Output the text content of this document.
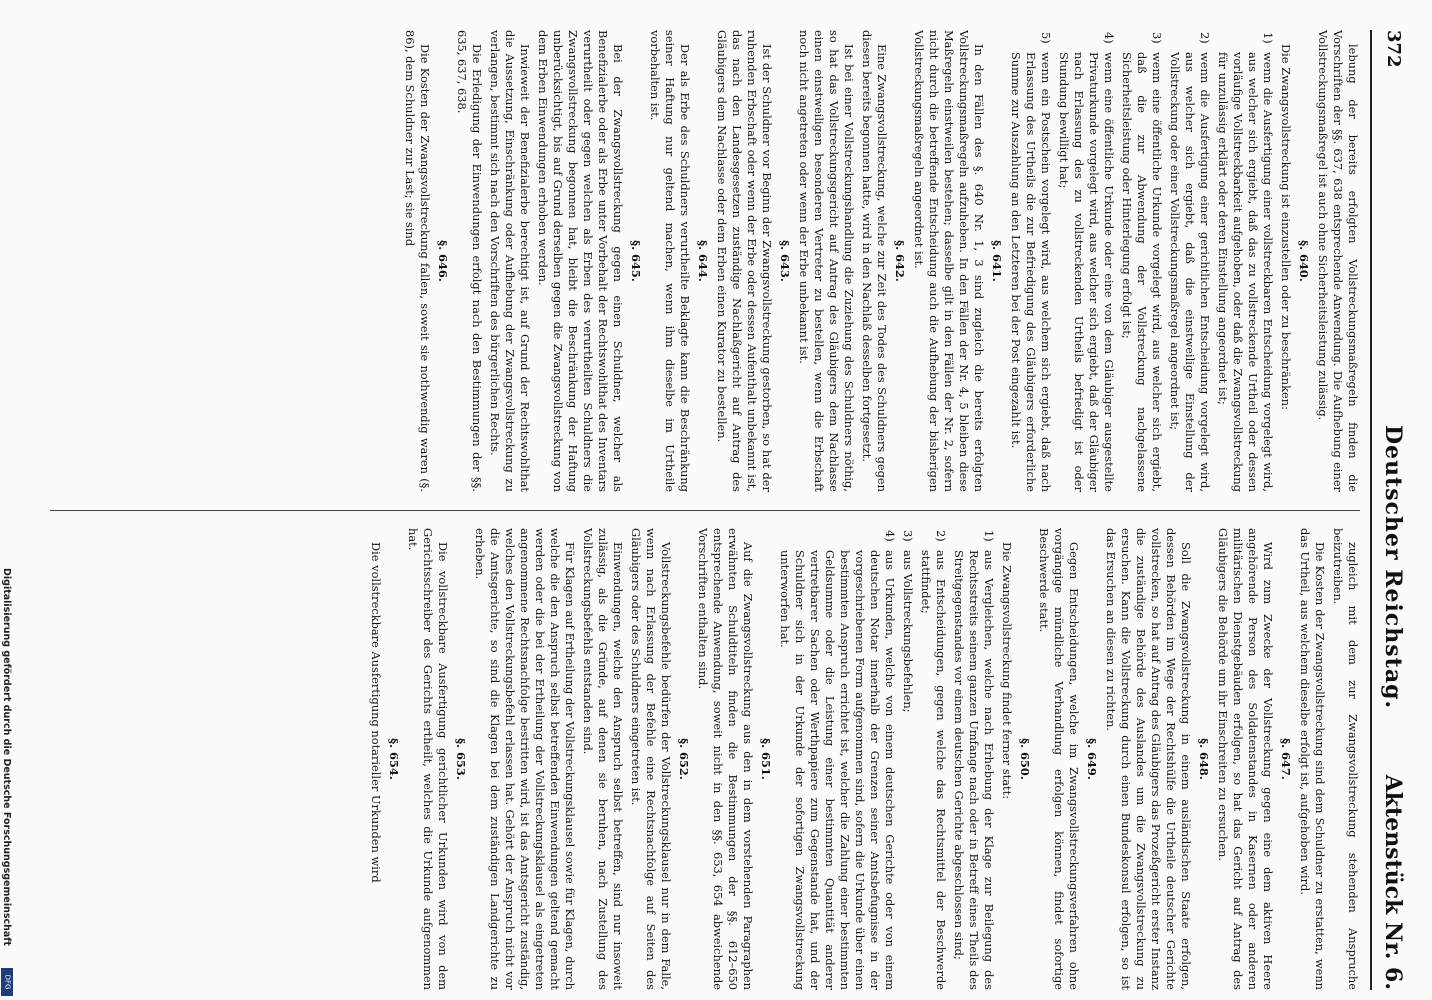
Digitalisierung gefördert durch die Deutsche Forschungsgemeinschaft
DFG
372
Deutscher Reichstag.
Aktenstück Nr. 6.

lebung der bereits erfolgten Vollstreckungsmaßregeln finden die Vorschriften der §§. 637, 638 entsprechende Anwendung. Die Aufhebung einer Vollstreckungsmaßregel ist auch ohne Sicherheitsleistung zulässig.

§. 640.

Die Zwangsvollstreckung ist einzustellen oder zu beschränken:

1)
wenn die Ausfertigung einer vollstreckbaren Entscheidung vorgelegt wird, aus welcher sich ergiebt, daß das zu vollstreckende Urtheil oder dessen vorläufige Vollstreckbarkeit aufgehoben, oder daß die Zwangsvollstreckung für unzulässig erklärt oder deren Einstellung angeordnet ist;

2)
wenn die Ausfertigung einer gerichtlichen Entscheidung vorgelegt wird, aus welcher sich ergiebt, daß die einstweilige Einstellung der Vollstreckung oder einer Vollstreckungsmaßregel angeordnet ist;

3)
wenn eine öffentliche Urkunde vorgelegt wird, aus welcher sich ergiebt, daß die zur Abwendung der Vollstreckung nachgelassene Sicherheitsleistung oder Hinterlegung erfolgt ist;

4)
wenn eine öffentliche Urkunde oder eine von dem Gläubiger ausgestellte Privaturkunde vorgelegt wird, aus welcher sich ergiebt, daß der Gläubiger nach Erlassung des zu vollstreckenden Urtheils befriedigt ist oder Stundung bewilligt hat;

5)
wenn ein Postschein vorgelegt wird, aus welchem sich ergiebt, daß nach Erlassung des Urtheils die zur Befriedigung des Gläubigers erforderliche Summe zur Auszahlung an den Letzteren bei der Post eingezahlt ist.

§. 641.

In den Fällen des §. 640 Nr. 1, 3 sind zugleich die bereits erfolgten Vollstreckungsmaßregeln aufzuheben. In den Fällen der Nr. 4, 5 bleiben diese Maßregeln einstweilen bestehen; dasselbe gilt in den Fällen der Nr. 2, sofern nicht durch die betreffende Entscheidung auch die Aufhebung der bisherigen Vollstreckungsmaßregeln angeordnet ist.

§. 642.

Eine Zwangsvollstreckung, welche zur Zeit des Todes des Schuldners gegen diesen bereits begonnen hatte, wird in den Nachlaß desselben fortgesetzt.

Ist bei einer Vollstreckungshandlung die Zuziehung des Schuldners nöthig, so hat das Vollstreckungsgericht auf Antrag des Gläubigers dem Nachlasse einen einstweiligen besonderen Vertreter zu bestellen, wenn die Erbschaft noch nicht angetreten oder wenn der Erbe unbekannt ist.

§. 643.

Ist der Schuldner vor Beginn der Zwangsvollstreckung gestorben, so hat der ruhenden Erbschaft oder wenn der Erbe oder dessen Aufenthalt unbekannt ist, das nach den Landesgesetzen zuständige Nachlaßgericht auf Antrag des Gläubigers dem Nachlasse oder dem Erben einen Kurator zu bestellen.

§. 644.

Der als Erbe des Schuldners verurtheilte Beklagte kann die Beschränkung seiner Haftung nur geltend machen, wenn ihm dieselbe im Urtheile vorbehalten ist.

§. 645.

Bei der Zwangsvollstreckung gegen einen Schuldner, welcher als Benefizialerbe oder als Erbe unter Vorbehalt der Rechtswohlthat des Inventars verurtheilt oder gegen welchen als Erben des verurtheilten Schuldners die Zwangsvollstreckung begonnen hat, bleibt die Beschränkung der Haftung unberücksichtigt, bis auf Grund derselben gegen die Zwangsvollstreckung von dem Erben Einwendungen erhoben werden.

Inwieweit der Benefizialerbe berechtigt ist, auf Grund der Rechtswohlthat die Aussetzung, Einschränkung oder Aufhebung der Zwangsvollstreckung zu verlangen, bestimmt sich nach den Vorschriften des bürgerlichen Rechts.

Die Erledigung der Einwendungen erfolgt nach den Bestimmungen der §§. 635, 637, 638.

§. 646.

Die Kosten der Zwangsvollstreckung fallen, soweit sie nothwendig waren (§. 86), dem Schuldner zur Last; sie sind

zugleich mit dem zur Zwangsvollstreckung stehenden Anspruche beizutreiben.

Die Kosten der Zwangsvollstreckung sind dem Schuldner zu erstatten, wenn das Urtheil, aus welchem dieselbe erfolgt ist, aufgehoben wird.

§. 647.

Wird zum Zwecke der Vollstreckung gegen eine dem aktiven Heere angehörende Person des Soldatenstandes in Kasernen oder anderen militärischen Dienstgebäuden erfolgen, so hat das Gericht auf Antrag des Gläubigers die Behörde um ihr Einschreiten zu ersuchen.

§. 648.

Soll die Zwangsvollstreckung in einem ausländischen Staate erfolgen, dessen Behörden im Wege der Rechtshülfe die Urtheile deutscher Gerichte vollstrecken, so hat auf Antrag des Gläubigers das Prozeßgericht erster Instanz die zuständige Behörde des Auslandes um die Zwangsvollstreckung zu ersuchen. Kann die Vollstreckung durch einen Bundeskonsul erfolgen, so ist das Ersuchen an diesen zu richten.

§. 649.

Gegen Entscheidungen, welche im Zwangsvollstreckungsverfahren ohne vorgängige mündliche Verhandlung erfolgen können, findet sofortige Beschwerde statt.

§. 650.

Die Zwangsvollstreckung findet ferner statt:

1)
aus Vergleichen, welche nach Erhebung der Klage zur Beilegung des Rechtsstreits seinem ganzen Umfange nach oder in Betreff eines Theils des Streitgegenstandes vor einem deutschen Gerichte abgeschlossen sind;

2)
aus Entscheidungen, gegen welche das Rechtsmittel der Beschwerde stattfindet;

3)
aus Vollstreckungsbefehlen;

4)
aus Urkunden, welche von einem deutschen Gerichte oder von einem deutschen Notar innerhalb der Grenzen seiner Amtsbefugnisse in der vorgeschriebenen Form aufgenommen sind, sofern die Urkunde über einen bestimmten Anspruch errichtet ist, welcher die Zahlung einer bestimmten Geldsumme oder die Leistung einer bestimmten Quantität anderer vertretbarer Sachen oder Werthpapiere zum Gegenstande hat, und der Schuldner sich in der Urkunde der sofortigen Zwangsvollstreckung unterworfen hat.

§. 651.

Auf die Zwangsvollstreckung aus den in dem vorstehenden Paragraphen erwähnten Schuldtiteln finden die Bestimmungen der §§. 612–650 entsprechende Anwendung, soweit nicht in den §§. 653, 654 abweichende Vorschriften enthalten sind.

§. 652.

Vollstreckungsbefehle bedürfen der Vollstreckungsklausel nur in dem Falle, wenn nach Erlassung der Befehle eine Rechtsnachfolge auf Seiten des Gläubigers oder des Schuldners eingetreten ist.

Einwendungen, welche den Anspruch selbst betreffen, sind nur insoweit zulässig, als die Gründe, auf denen sie beruhen, nach Zustellung des Vollstreckungsbefehls entstanden sind.

Für Klagen auf Ertheilung der Vollstreckungsklausel sowie für Klagen, durch welche die den Anspruch selbst betreffenden Einwendungen geltend gemacht werden oder die bei der Ertheilung der Vollstreckungsklausel als eingetreten angenommene Rechtsnachfolge bestritten wird, ist das Amtsgericht zuständig, welches den Vollstreckungsbefehl erlassen hat. Gehört der Anspruch nicht vor die Amtsgerichte, so sind die Klagen bei dem zuständigen Landgerichte zu erheben.

§. 653.

Die vollstreckbare Ausfertigung gerichtlicher Urkunden wird von dem Gerichtsschreiber des Gerichts ertheilt, welches die Urkunde aufgenommen hat.

§. 654.

Die vollstreckbare Ausfertigung notarieller Urkunden wird
